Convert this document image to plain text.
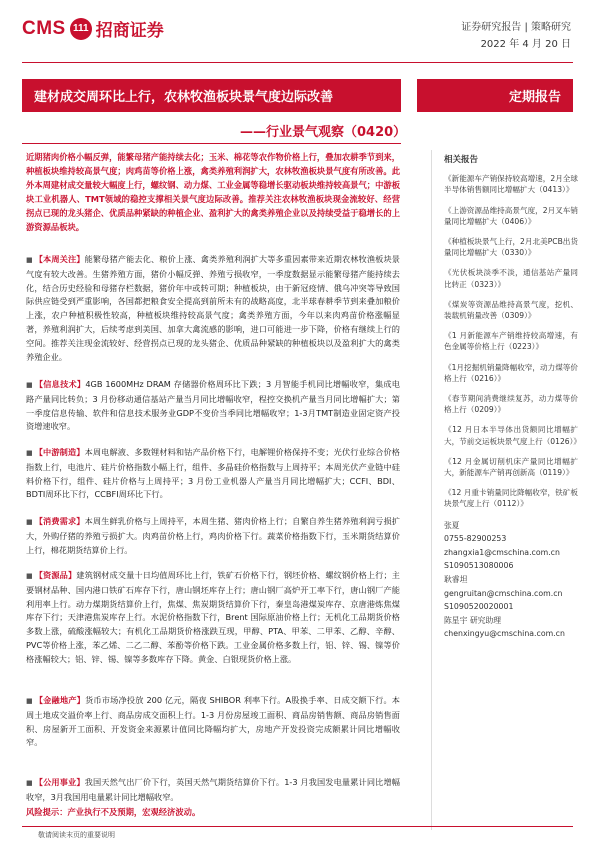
CMS 111 招商证券	证券研究报告 | 策略研究
2022 年 4 月 20 日
建材成交周环比上行，农林牧渔板块景气度边际改善	定期报告
——行业景气观察（0420）
近期猪肉价格小幅反弹，能繁母猪产能持续去化；玉米、棉花等农作物价格上行，叠加农耕季节到来，种植板块维持较高景气度；肉鸡苗等价格上涨，禽类养殖利润扩大，农林牧渔板块景气度有所改善。此外本周建材成交量较大幅度上行，螺纹钢、动力煤、工业金属等稳增长驱动板块维持较高景气；中游板块工业机器人、TMT领域的稳控支撑相关景气度边际改善。推荐关注农林牧渔板块现金流较好、经营拐点已现的龙头猪企、优质品种紧缺的种植企业、盈利扩大的禽类养殖企业以及持续受益于稳增长的上游资源品板块。
■ 【本周关注】能繁母猪产能去化、粮价上涨、禽类养殖利润扩大等多重因素带来近期农林牧渔板块景气度有较大改善。生猪养殖方面，猪价小幅反弹、养殖亏损收窄，一季度数据显示能繁母猪产能持续去化，结合历史经验和母猪存栏数据，猪价年中或转可期；种植板块，由于新冠疫情、俄乌冲突等导致国际供应链受到严重影响，各国都把粮食安全提高到前所未有的战略高度，北半球春耕季节到来叠加粮价上涨，农户种植积极性较高，种植板块维持较高景气度；禽类养殖方面，今年以来肉鸡苗价格涨幅显著，养殖利润扩大，后续考虑到美国、加拿大禽流感的影响，进口可能进一步下降，价格有继续上行的空间。推荐关注现金流较好、经营拐点已现的龙头猪企、优质品种紧缺的种植板块以及盈利扩大的禽类养殖企业。
■ 【信息技术】4GB 1600MHz DRAM 存储器价格周环比下跌；3 月智能手机同比增幅收窄，集成电路产量同比转负；3 月份移动通信基站产量当月同比增幅收窄，程控交换机产量当月同比增幅扩大；第一季度信息传输、软件和信息技术服务业GDP不变价当季同比增幅收窄；1-3月TMT制造业固定资产投资增速收窄。
■ 【中游制造】本周电解液、多数锂材料和钴产品价格下行，电解锂价格保持不变；光伏行业综合价格指数上行，电池片、硅片价格指数小幅上行，组件、多晶硅价格指数与上周持平；本周光伏产业链中硅料价格下行，组件、硅片价格与上周持平；3 月份工业机器人产量当月同比增幅扩大；CCFI、BDI、BDTI周环比下行，CCBFI周环比下行。
■ 【消费需求】本周生鲜乳价格与上周持平，本周生猪、猪肉价格上行；自繁自养生猪养殖利润亏损扩大，外购仔猪的养殖亏损扩大。肉鸡苗价格上行，鸡肉价格下行。蔬菜价格指数下行，玉米期货结算价上行，棉花期货结算价上行。
■ 【资源品】建筑钢材成交量十日均值周环比上行，铁矿石价格下行，钢坯价格、螺纹钢价格上行；主要钢材品种、国内港口铁矿石库存下行，唐山钢坯库存上行；唐山钢厂高炉开工率下行，唐山钢厂产能利用率上行。动力煤期货结算价上行，焦煤、焦炭期货结算价下行，秦皇岛港煤炭库存、京唐港炼焦煤库存下行；天津港焦炭库存上行。水泥价格指数下行，Brent 国际原油价格上行；无机化工品期货价格多数上涨，硫酸涨幅较大；有机化工品期货价格涨跌互现，甲醇、PTA、甲苯、二甲苯、乙醇、辛醇、PVC等价格上涨，苯乙烯、二乙二醇、苯酚等价格下跌。工业金属价格多数上行，铝、锌、锡、镍等价格涨幅较大；铝、锌、锡、镍等多数库存下降。黄金、白银现货价格上涨。
■ 【金融地产】货币市场净投放 200 亿元，隔夜 SHIBOR 利率下行。A股换手率、日成交额下行。本周土地成交溢价率上行、商品房成交面积上行。1-3 月份房屋竣工面积、商品房销售额、商品房销售面积、房屋新开工面积、开发资金来源累计值同比降幅均扩大，房地产开发投资完成额累计同比增幅收窄。
■ 【公用事业】我国天然气出厂价下行，英国天然气期货结算价下行。1-3 月我国发电量累计同比增幅收窄，3月我国用电量累计同比增幅收窄。
风险提示：产业执行不及预期，宏观经济波动。
相关报告
《新能源车产销保持较高增速，2月全球半导体销售额同比增幅扩大（0413）》
《上游资源品维持高景气度，2月叉车销量同比增幅扩大（0406）》
《种植板块景气上行，2月北美PCB出货量同比增幅扩大（0330）》
《光伏板块淡季不淡，通信基站产量同比转正（0323）》
《煤炭等资源品维持高景气度，挖机、装载机销量改善（0309）》
《1 月新能源车产销维持较高增速，有色金属等价格上行（0223）》
《1月挖掘机销量降幅收窄，动力煤等价格上行（0216）》
《春节期间消费继续复苏，动力煤等价格上行（0209）》
《12 月日本半导体出货额同比增幅扩大，节前交运板块景气度上行（0126）》
《12 月金属切削机床产量同比增幅扩大，新能源车产销再创新高（0119）》
《12 月重卡销量同比降幅收窄，铁矿板块景气度上行（0112）》
张夏
0755-82900253
zhangxia1@cmschina.com.cn
S1090513080006
耿睿坦
gengruitan@cmschina.com.cn
S1090520020001
陈星宇 研究助理
chenxingyu@cmschina.com.cn
敬请阅读末页的重要说明
